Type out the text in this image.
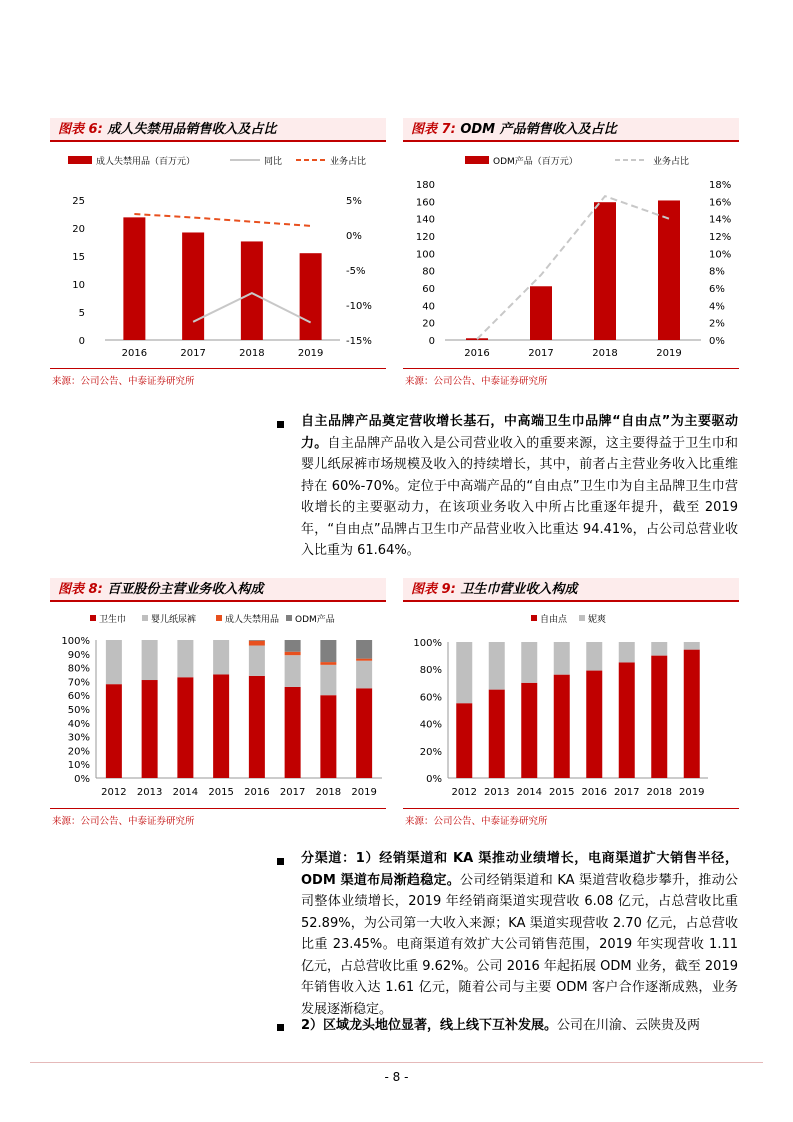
图表 6: 成人失禁用品销售收入及占比
成人失禁用品（百万元）	同比	业务占比
0
5
10
15
20
25
-15%
-10%
-5%
0%
5%
2016	2017	2018	2019
来源：公司公告、中泰证券研究所
图表 7: ODM 产品销售收入及占比
ODM产品（百万元）	业务占比
0
20
40
60
80
100
120
140
160
180
0%
2%
4%
6%
8%
10%
12%
14%
16%
18%
2016	2017	2018	2019
来源：公司公告、中泰证券研究所
自主品牌产品奠定营收增长基石，中高端卫生巾品牌“自由点”为主要驱动力。自主品牌产品收入是公司营业收入的重要来源，这主要得益于卫生巾和婴儿纸尿裤市场规模及收入的持续增长，其中，前者占主营业务收入比重维持在 60%-70%。定位于中高端产品的“自由点”卫生巾为自主品牌卫生巾营收增长的主要驱动力，在该项业务收入中所占比重逐年提升，截至 2019 年，“自由点”品牌占卫生巾产品营业收入比重达 94.41%，占公司总营业收入比重为 61.64%。
图表 8: 百亚股份主营业务收入构成
卫生巾	婴儿纸尿裤	成人失禁用品 ODM产品
0%
10%
20%
30%
40%
50%
60%
70%
80%
90%
100%
2012 2013 2014 2015 2016 2017 2018 2019
来源：公司公告、中泰证券研究所
图表 9: 卫生巾营业收入构成
自由点 妮爽
0%
20%
40%
60%
80%
100%
2012 2013 2014 2015 2016 2017 2018 2019
来源：公司公告、中泰证券研究所
分渠道：1）经销渠道和 KA 渠推动业绩增长，电商渠道扩大销售半径，ODM 渠道布局渐趋稳定。公司经销渠道和 KA 渠道营收稳步攀升，推动公司整体业绩增长，2019 年经销商渠道实现营收 6.08 亿元，占总营收比重 52.89%，为公司第一大收入来源；KA 渠道实现营收 2.70 亿元，占总营收比重 23.45%。电商渠道有效扩大公司销售范围，2019 年实现营收 1.11 亿元，占总营收比重 9.62%。公司 2016 年起拓展 ODM 业务，截至 2019 年销售收入达 1.61 亿元，随着公司与主要 ODM 客户合作逐渐成熟，业务发展逐渐稳定。
2）区域龙头地位显著，线上线下互补发展。公司在川渝、云陕贵及两
- 8 -
